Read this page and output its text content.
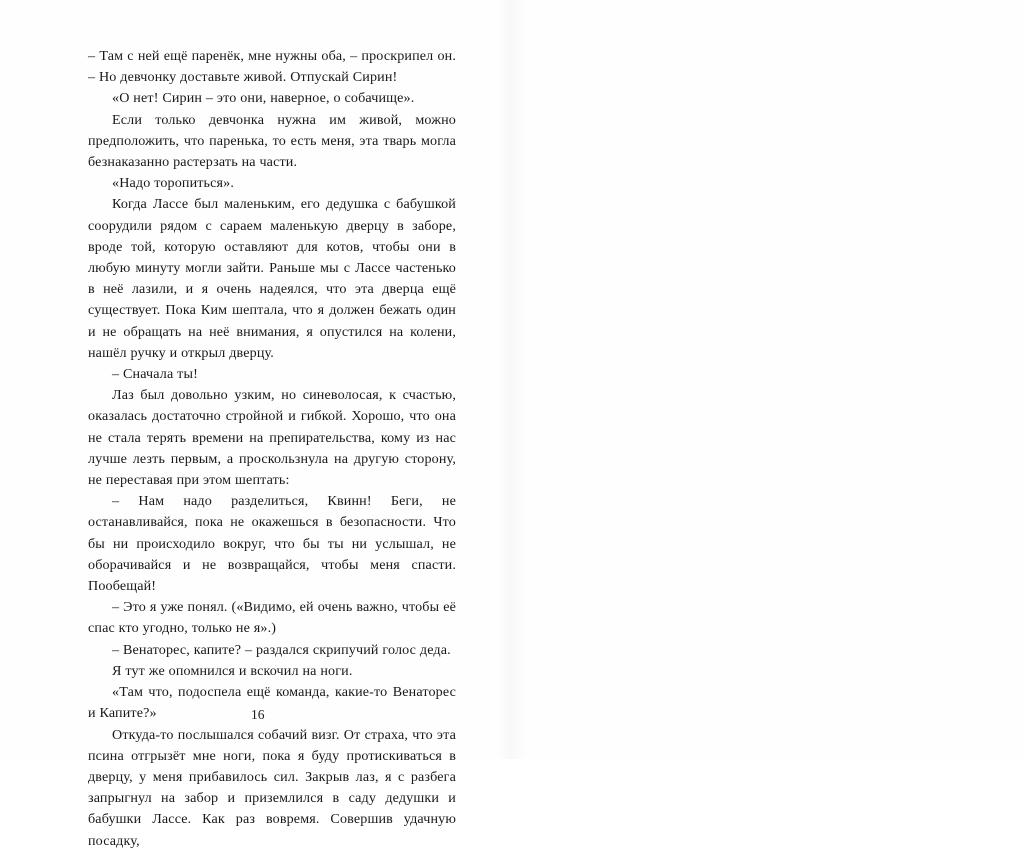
– Там с ней ещё паренёк, мне нужны оба, – проскрипел он. – Но девчонку доставьте живой. Отпускай Сирин!

«О нет! Сирин – это они, наверное, о собачище».

Если только девчонка нужна им живой, можно предположить, что паренька, то есть меня, эта тварь могла безнаказанно растерзать на части.

«Надо торопиться».

Когда Лассе был маленьким, его дедушка с бабушкой соорудили рядом с сараем маленькую дверцу в заборе, вроде той, которую оставляют для котов, чтобы они в любую минуту могли зайти. Раньше мы с Лассе частенько в неё лазили, и я очень надеялся, что эта дверца ещё существует. Пока Ким шептала, что я должен бежать один и не обращать на неё внимания, я опустился на колени, нашёл ручку и открыл дверцу.

– Сначала ты!

Лаз был довольно узким, но синеволосая, к счастью, оказалась достаточно стройной и гибкой. Хорошо, что она не стала терять времени на препирательства, кому из нас лучше лезть первым, а проскользнула на другую сторону, не переставая при этом шептать:

– Нам надо разделиться, Квинн! Беги, не останавливайся, пока не окажешься в безопасности. Что бы ни происходило вокруг, что бы ты ни услышал, не оборачивайся и не возвращайся, чтобы меня спасти. Пообещай!

– Это я уже понял. («Видимо, ей очень важно, чтобы её спас кто угодно, только не я».)

– Венаторес, капите? – раздался скрипучий голос деда.

Я тут же опомнился и вскочил на ноги.

«Там что, подоспела ещё команда, какие-то Венаторес и Капите?»

Откуда-то послышался собачий визг. От страха, что эта псина отгрызёт мне ноги, пока я буду протискиваться в дверцу, у меня прибавилось сил. Закрыв лаз, я с разбега запрыгнул на забор и приземлился в саду дедушки и бабушки Лассе. Как раз вовремя. Совершив удачную посадку,

16
